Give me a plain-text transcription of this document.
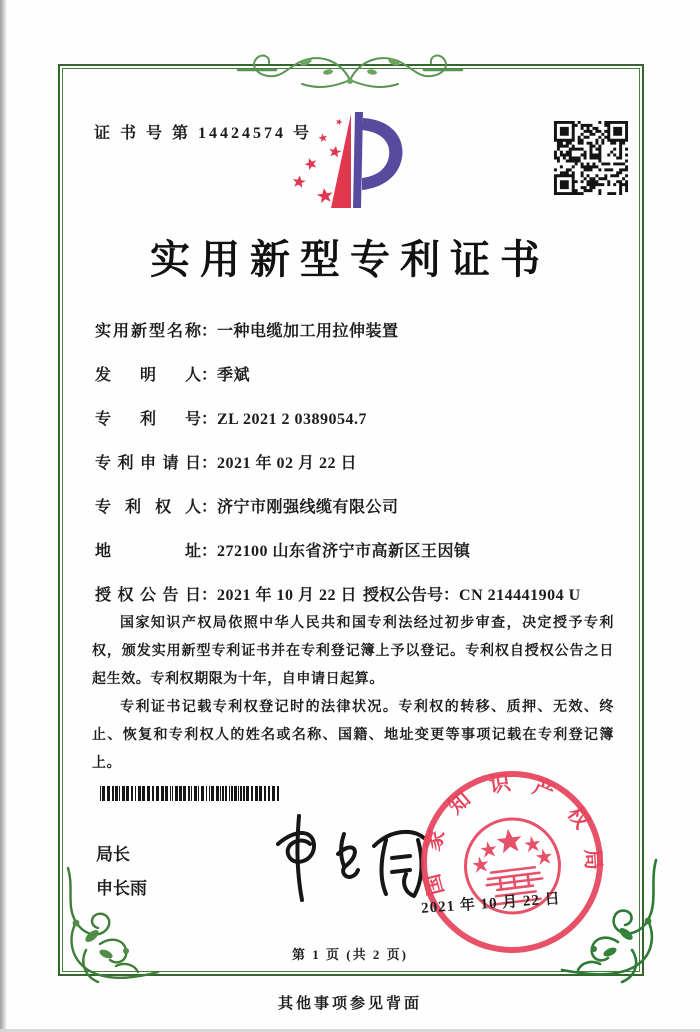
证 书 号 第 14424574 号
实用新型专利证书
实用新型名称：一种电缆加工用拉伸装置
发明人：季斌
专利号：ZL 2021 2 0389054.7
专利申请日：2021 年 02 月 22 日
专利权人：济宁市刚强线缆有限公司
地址：272100 山东省济宁市高新区王因镇
授权公告日：2021 年 10 月 22 日 授权公告号：CN 214441904 U

国家知识产权局依照中华人民共和国专利法经过初步审查，决定授予专利权，颁发实用新型专利证书并在专利登记簿上予以登记。专利权自授权公告之日起生效。专利权期限为十年，自申请日起算。

专利证书记载专利权登记时的法律状况。专利权的转移、质押、无效、终止、恢复和专利权人的姓名或名称、国籍、地址变更等事项记载在专利登记簿上。

局长
申长雨	国家知识产权局
2021 年 10 月 22 日
第 1 页 (共 2 页)
其他事项参见背面
